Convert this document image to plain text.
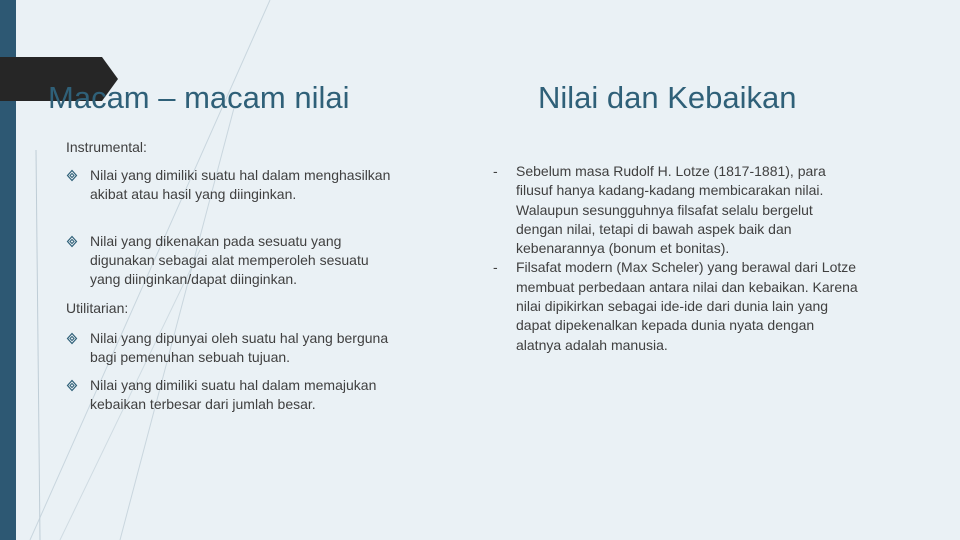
Macam – macam nilai	Nilai dan Kebaikan

Instrumental:

Nilai yang dimiliki suatu hal dalam menghasilkan akibat atau hasil yang diinginkan.
Nilai yang dikenakan pada sesuatu yang digunakan sebagai alat memperoleh sesuatu yang diinginkan/dapat diinginkan.

Utilitarian:

Nilai yang dipunyai oleh suatu hal yang berguna bagi pemenuhan sebuah tujuan.
Nilai yang dimiliki suatu hal dalam memajukan kebaikan terbesar dari jumlah besar.
- Sebelum masa Rudolf H. Lotze (1817-1881), para filusuf hanya kadang-kadang membicarakan nilai. Walaupun sesungguhnya filsafat selalu bergelut dengan nilai, tetapi di bawah aspek baik dan kebenarannya (bonum et bonitas).
- Filsafat modern (Max Scheler) yang berawal dari Lotze membuat perbedaan antara nilai dan kebaikan. Karena nilai dipikirkan sebagai ide-ide dari dunia lain yang dapat dipekenalkan kepada dunia nyata dengan alatnya adalah manusia.
